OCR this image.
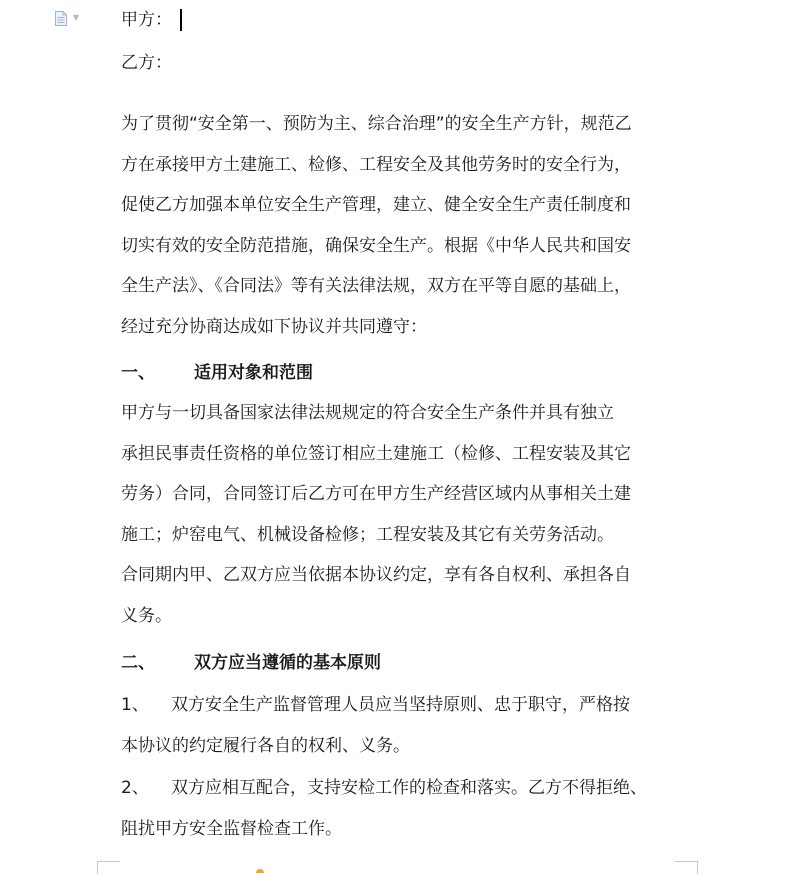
▼ 甲方：
乙方：
为了贯彻“安全第一、预防为主、综合治理”的安全生产方针，规范乙
方在承接甲方土建施工、检修、工程安全及其他劳务时的安全行为，
促使乙方加强本单位安全生产管理，建立、健全安全生产责任制度和
切实有效的安全防范措施，确保安全生产。根据《中华人民共和国安
全生产法》、《合同法》等有关法律法规，双方在平等自愿的基础上，
经过充分协商达成如下协议并共同遵守：
一、 适用对象和范围
甲方与一切具备国家法律法规规定的符合安全生产条件并具有独立
承担民事责任资格的单位签订相应土建施工（检修、工程安装及其它
劳务）合同，合同签订后乙方可在甲方生产经营区域内从事相关土建
施工；炉窑电气、机械设备检修；工程安装及其它有关劳务活动。
合同期内甲、乙双方应当依据本协议约定，享有各自权利、承担各自
义务。
二、 双方应当遵循的基本原则
1、 双方安全生产监督管理人员应当坚持原则、忠于职守，严格按
本协议的约定履行各自的权利、义务。
2、 双方应相互配合，支持安检工作的检查和落实。乙方不得拒绝、
阻扰甲方安全监督检查工作。
